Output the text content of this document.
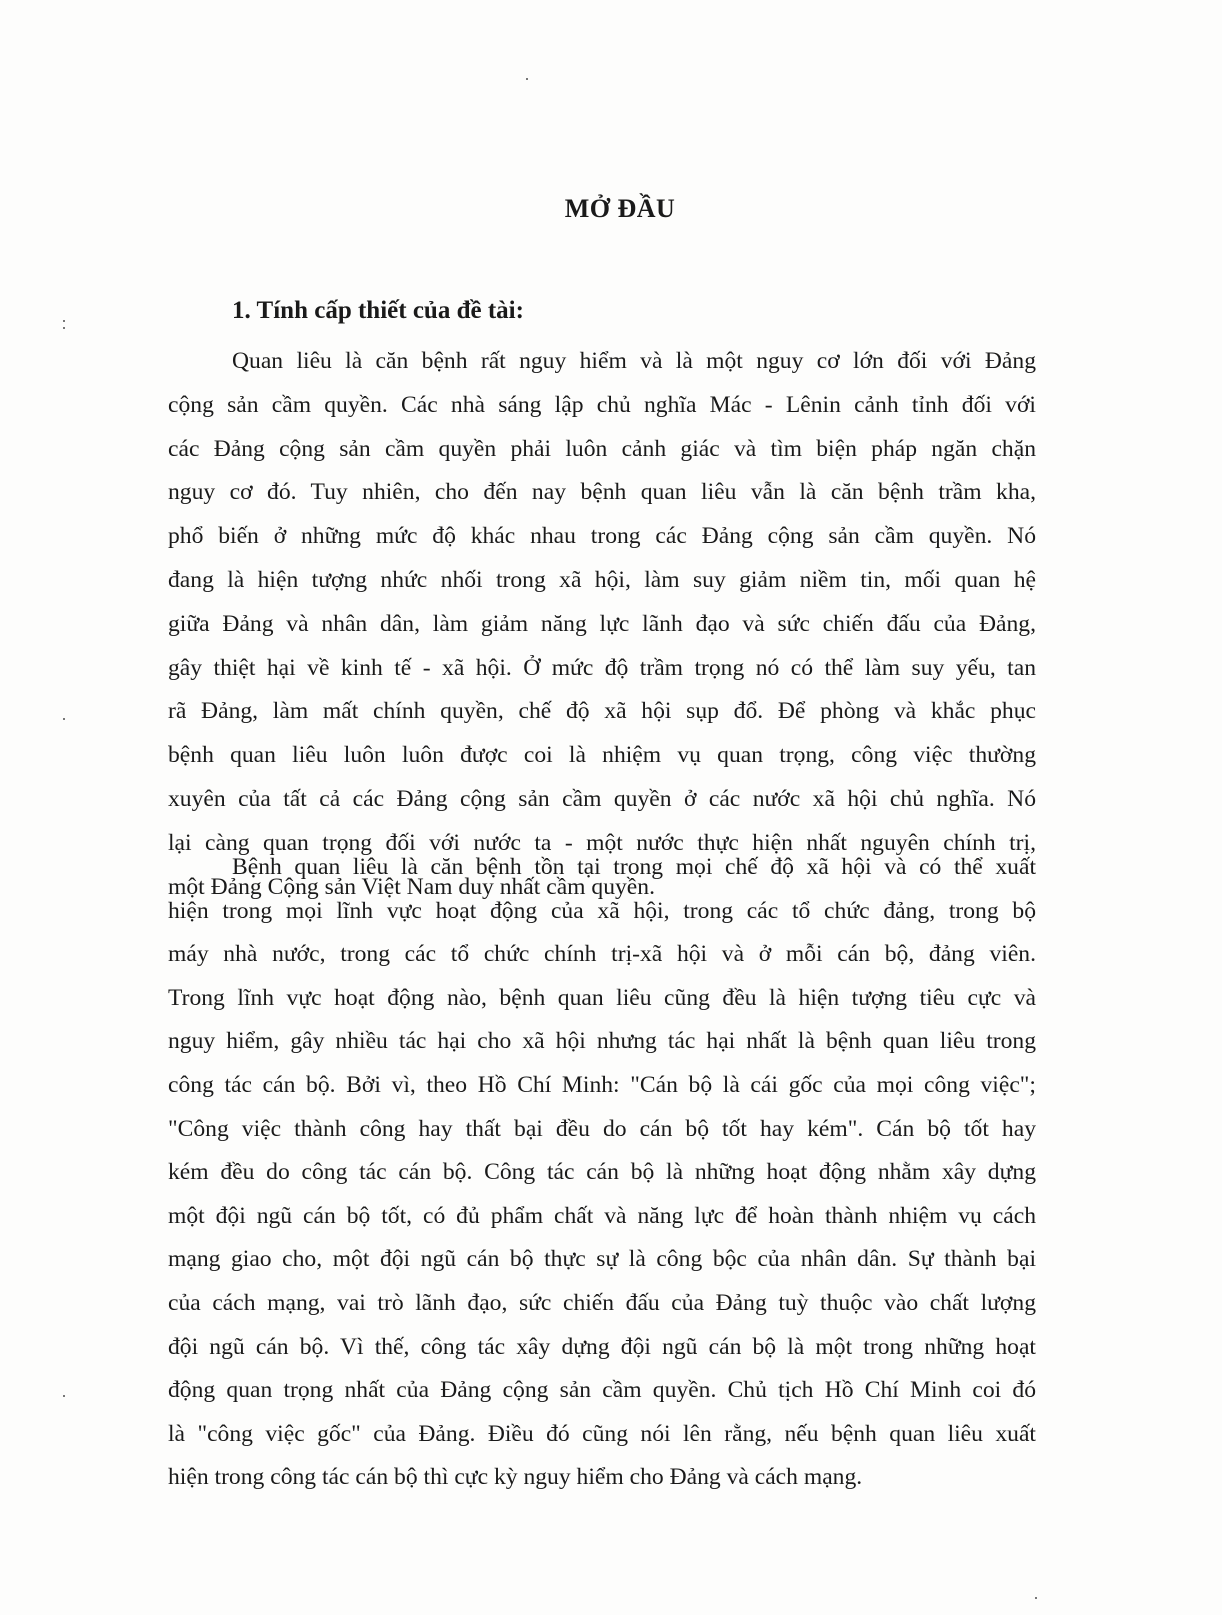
MỞ ĐẦU
1. Tính cấp thiết của đề tài:
Quan liêu là căn bệnh rất nguy hiểm và là một nguy cơ lớn đối với Đảng
cộng sản cầm quyền. Các nhà sáng lập chủ nghĩa Mác - Lênin cảnh tỉnh đối với
các Đảng cộng sản cầm quyền phải luôn cảnh giác và tìm biện pháp ngăn chặn
nguy cơ đó. Tuy nhiên, cho đến nay bệnh quan liêu vẫn là căn bệnh trầm kha,
phổ biến ở những mức độ khác nhau trong các Đảng cộng sản cầm quyền. Nó
đang là hiện tượng nhức nhối trong xã hội, làm suy giảm niềm tin, mối quan hệ
giữa Đảng và nhân dân, làm giảm năng lực lãnh đạo và sức chiến đấu của Đảng,
gây thiệt hại về kinh tế - xã hội. Ở mức độ trầm trọng nó có thể làm suy yếu, tan
rã Đảng, làm mất chính quyền, chế độ xã hội sụp đổ. Để phòng và khắc phục
bệnh quan liêu luôn luôn được coi là nhiệm vụ quan trọng, công việc thường
xuyên của tất cả các Đảng cộng sản cầm quyền ở các nước xã hội chủ nghĩa. Nó
lại càng quan trọng đối với nước ta - một nước thực hiện nhất nguyên chính trị,
một Đảng Cộng sản Việt Nam duy nhất cầm quyền.
Bệnh quan liêu là căn bệnh tồn tại trong mọi chế độ xã hội và có thể xuất
hiện trong mọi lĩnh vực hoạt động của xã hội, trong các tổ chức đảng, trong bộ
máy nhà nước, trong các tổ chức chính trị-xã hội và ở mỗi cán bộ, đảng viên.
Trong lĩnh vực hoạt động nào, bệnh quan liêu cũng đều là hiện tượng tiêu cực và
nguy hiểm, gây nhiều tác hại cho xã hội nhưng tác hại nhất là bệnh quan liêu trong
công tác cán bộ. Bởi vì, theo Hồ Chí Minh: "Cán bộ là cái gốc của mọi công việc";
"Công việc thành công hay thất bại đều do cán bộ tốt hay kém". Cán bộ tốt hay
kém đều do công tác cán bộ. Công tác cán bộ là những hoạt động nhằm xây dựng
một đội ngũ cán bộ tốt, có đủ phẩm chất và năng lực để hoàn thành nhiệm vụ cách
mạng giao cho, một đội ngũ cán bộ thực sự là công bộc của nhân dân. Sự thành bại
của cách mạng, vai trò lãnh đạo, sức chiến đấu của Đảng tuỳ thuộc vào chất lượng
đội ngũ cán bộ. Vì thế, công tác xây dựng đội ngũ cán bộ là một trong những hoạt
động quan trọng nhất của Đảng cộng sản cầm quyền. Chủ tịch Hồ Chí Minh coi đó
là "công việc gốc" của Đảng. Điều đó cũng nói lên rằng, nếu bệnh quan liêu xuất
hiện trong công tác cán bộ thì cực kỳ nguy hiểm cho Đảng và cách mạng.
